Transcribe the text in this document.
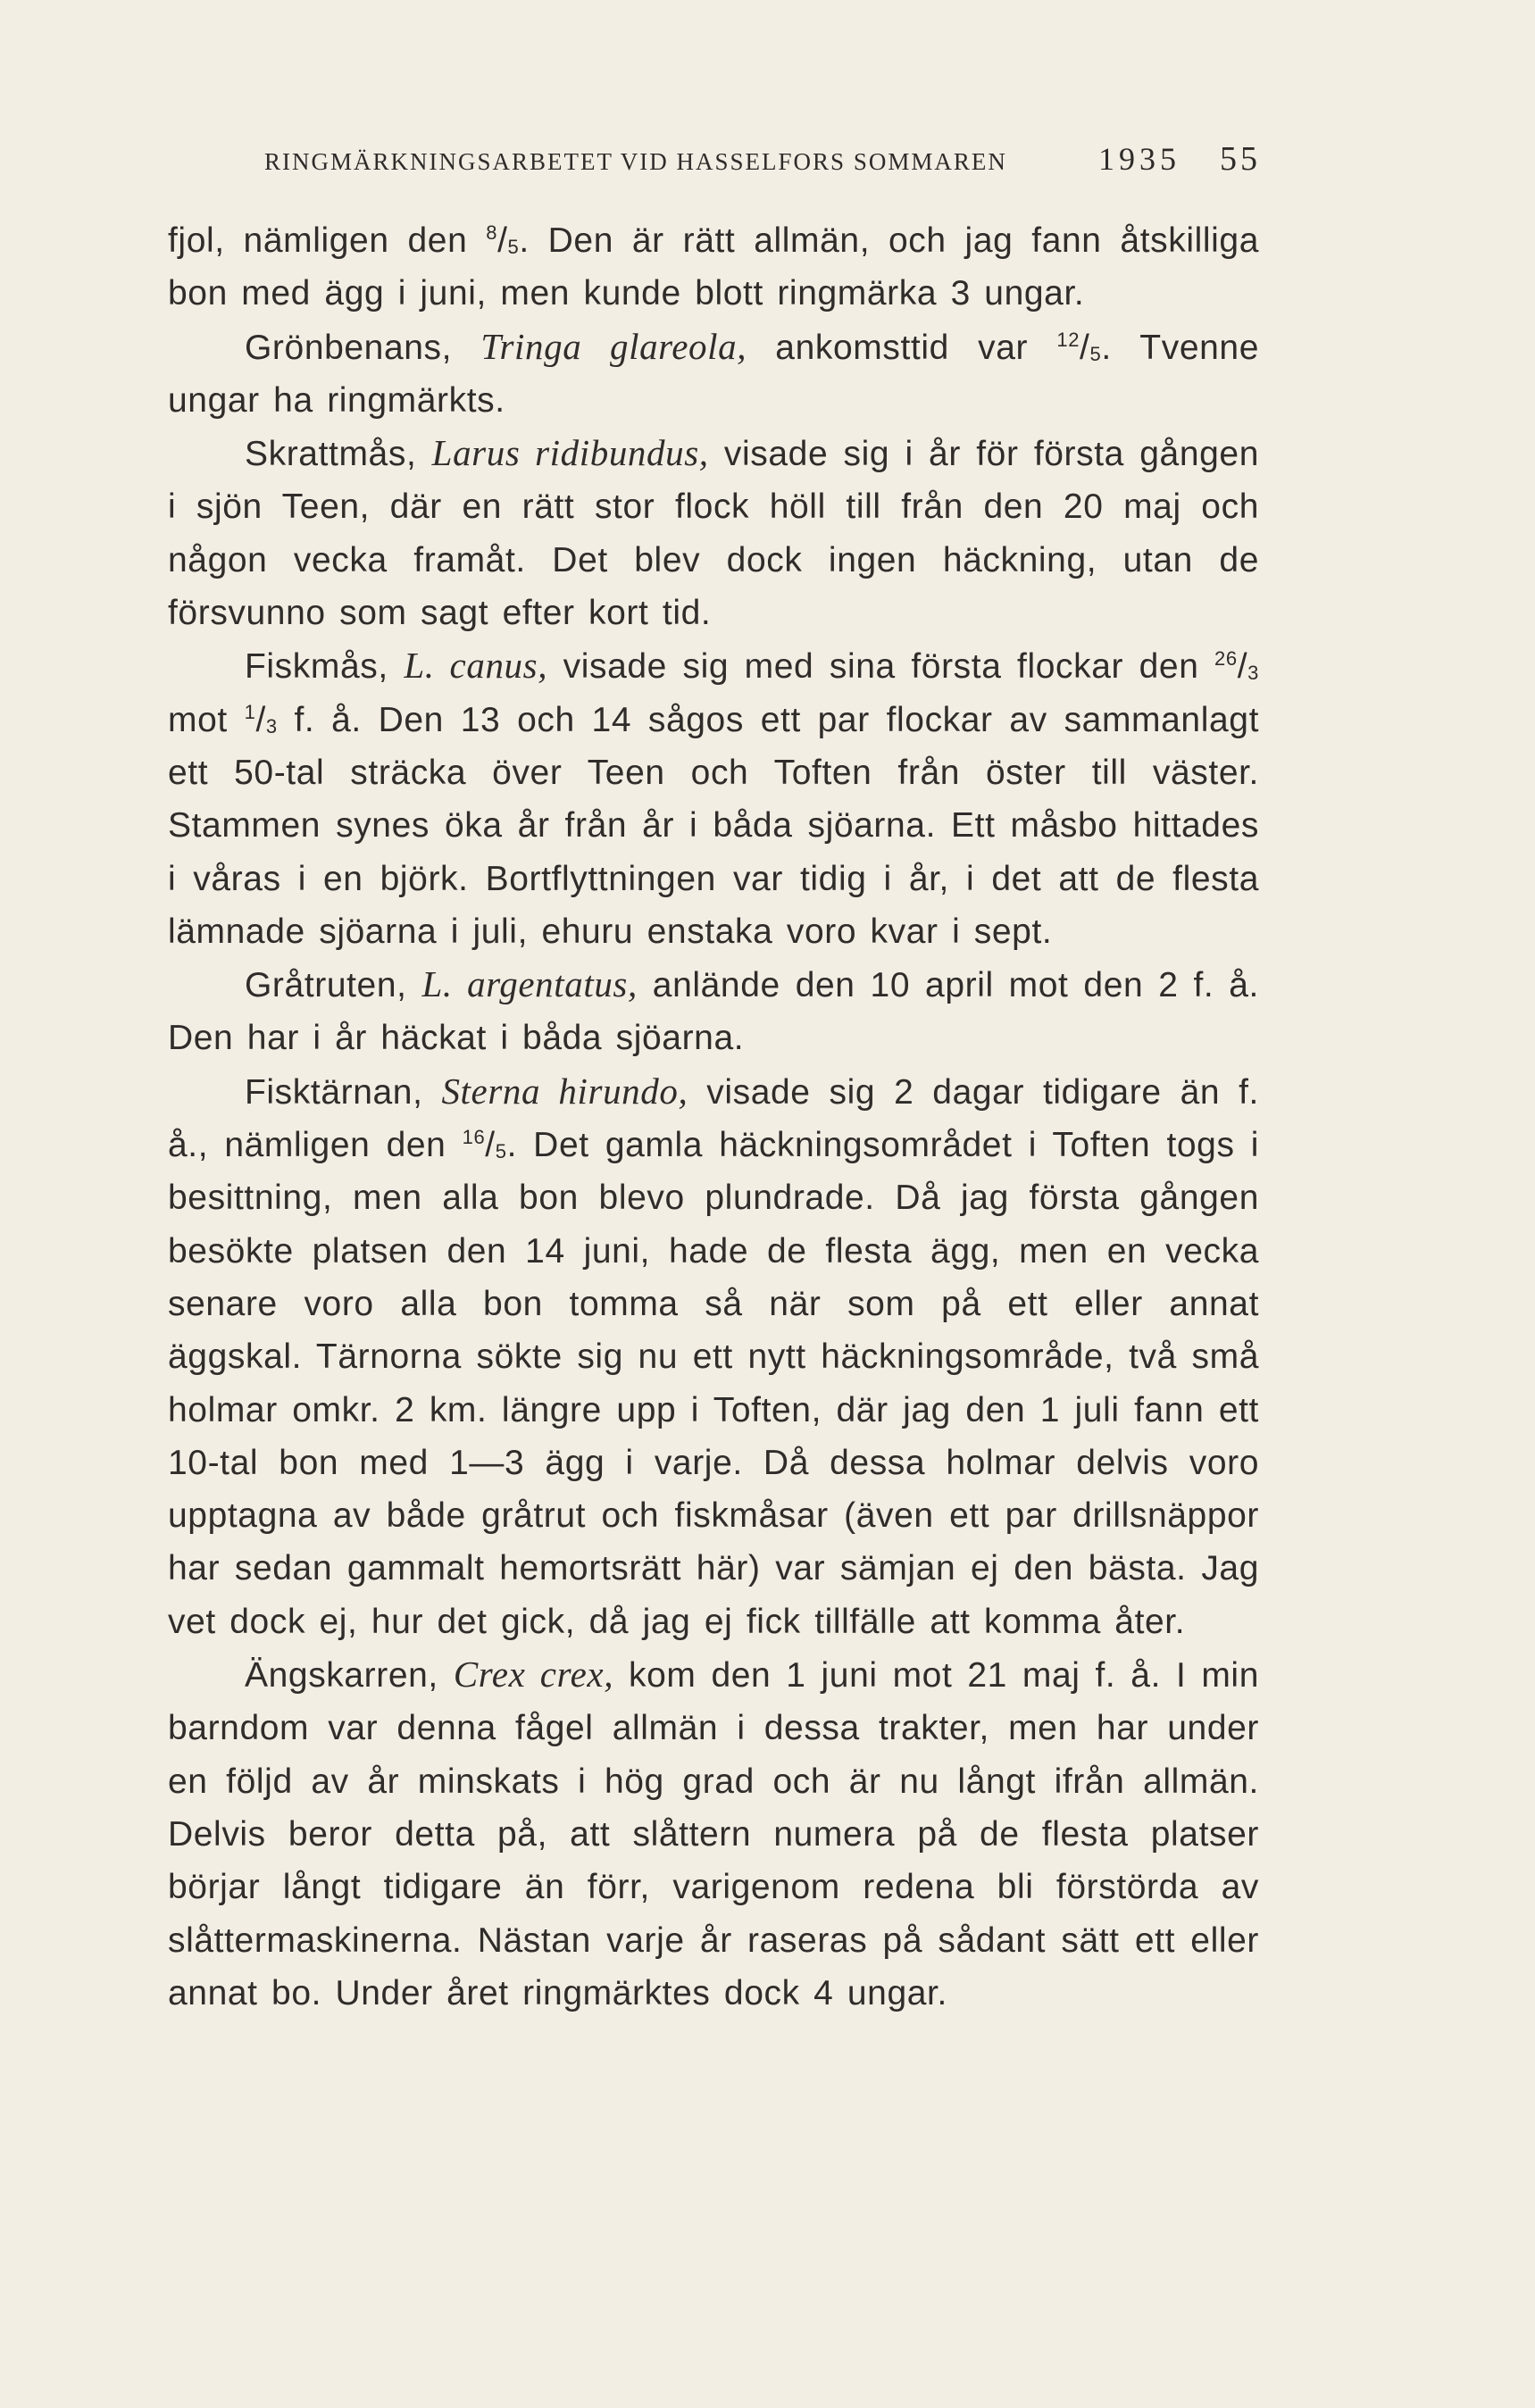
RINGMÄRKNINGSARBETET VID HASSELFORS SOMMAREN	1935 55

fjol, nämligen den $^8/_5$. Den är rätt allmän, och jag fann åtskilliga bon med ägg i juni, men kunde blott ringmärka 3 ungar.

Grönbenans, Tringa glareola, ankomsttid var $^{12}/_5$. Tvenne ungar ha ringmärkts.

Skrattmås, Larus ridibundus, visade sig i år för första gången i sjön Teen, där en rätt stor flock höll till från den 20 maj och någon vecka framåt. Det blev dock ingen häckning, utan de försvunno som sagt efter kort tid.

Fiskmås, L. canus, visade sig med sina första flockar den $^{26}/_3$ mot $^1/_3$ f. å. Den 13 och 14 sågos ett par flockar av sammanlagt ett 50-tal sträcka över Teen och Toften från öster till väster. Stammen synes öka år från år i båda sjöarna. Ett måsbo hittades i våras i en björk. Bortflyttningen var tidig i år, i det att de flesta lämnade sjöarna i juli, ehuru enstaka voro kvar i sept.

Gråtruten, L. argentatus, anlände den 10 april mot den 2 f. å. Den har i år häckat i båda sjöarna.

Fisktärnan, Sterna hirundo, visade sig 2 dagar tidigare än f. å., nämligen den $^{16}/_5$. Det gamla häckningsområdet i Toften togs i besittning, men alla bon blevo plundrade. Då jag första gången besökte platsen den 14 juni, hade de flesta ägg, men en vecka senare voro alla bon tomma så när som på ett eller annat äggskal. Tärnorna sökte sig nu ett nytt häckningsområde, två små holmar omkr. 2 km. längre upp i Toften, där jag den 1 juli fann ett 10-tal bon med 1—3 ägg i varje. Då dessa holmar delvis voro upptagna av både gråtrut och fiskmåsar (även ett par drillsnäppor har sedan gammalt hemortsrätt här) var sämjan ej den bästa. Jag vet dock ej, hur det gick, då jag ej fick tillfälle att komma åter.

Ängskarren, Crex crex, kom den 1 juni mot 21 maj f. å. I min barndom var denna fågel allmän i dessa trakter, men har under en följd av år minskats i hög grad och är nu långt ifrån allmän. Delvis beror detta på, att slåttern numera på de flesta platser börjar långt tidigare än förr, varigenom redena bli förstörda av slåttermaskinerna. Nästan varje år raseras på sådant sätt ett eller annat bo. Under året ringmärktes dock 4 ungar.
